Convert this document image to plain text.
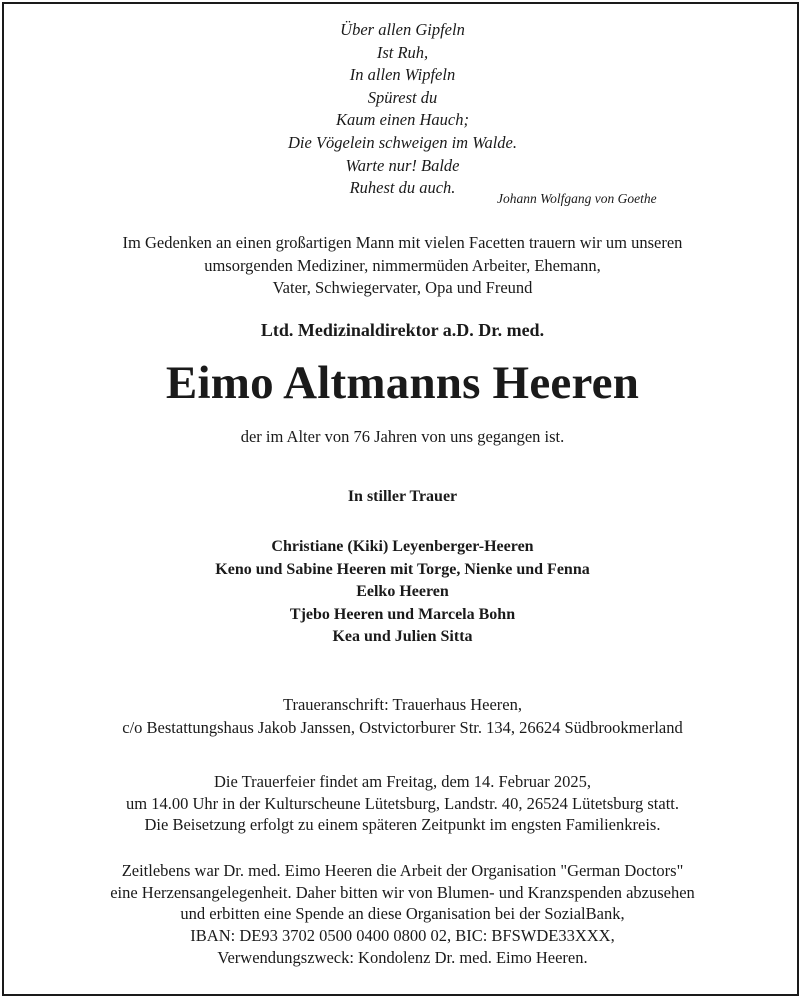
Über allen Gipfeln
Ist Ruh,
In allen Wipfeln
Spürest du
Kaum einen Hauch;
Die Vögelein schweigen im Walde.
Warte nur! Balde
Ruhest du auch.
Johann Wolfgang von Goethe
Im Gedenken an einen großartigen Mann mit vielen Facetten trauern wir um unseren
umsorgenden Mediziner, nimmermüden Arbeiter, Ehemann,
Vater, Schwiegervater, Opa und Freund
Ltd. Medizinaldirektor a.D. Dr. med.
Eimo Altmanns Heeren
der im Alter von 76 Jahren von uns gegangen ist.
In stiller Trauer
Christiane (Kiki) Leyenberger-Heeren
Keno und Sabine Heeren mit Torge, Nienke und Fenna
Eelko Heeren
Tjebo Heeren und Marcela Bohn
Kea und Julien Sitta
Traueranschrift: Trauerhaus Heeren,
c/o Bestattungshaus Jakob Janssen, Ostvictorburer Str. 134, 26624 Südbrookmerland
Die Trauerfeier findet am Freitag, dem 14. Februar 2025,
um 14.00 Uhr in der Kulturscheune Lütetsburg, Landstr. 40, 26524 Lütetsburg statt.
Die Beisetzung erfolgt zu einem späteren Zeitpunkt im engsten Familienkreis.
Zeitlebens war Dr. med. Eimo Heeren die Arbeit der Organisation "German Doctors"
eine Herzensangelegenheit. Daher bitten wir von Blumen- und Kranzspenden abzusehen
und erbitten eine Spende an diese Organisation bei der SozialBank,
IBAN: DE93 3702 0500 0400 0800 02, BIC: BFSWDE33XXX,
Verwendungszweck: Kondolenz Dr. med. Eimo Heeren.
